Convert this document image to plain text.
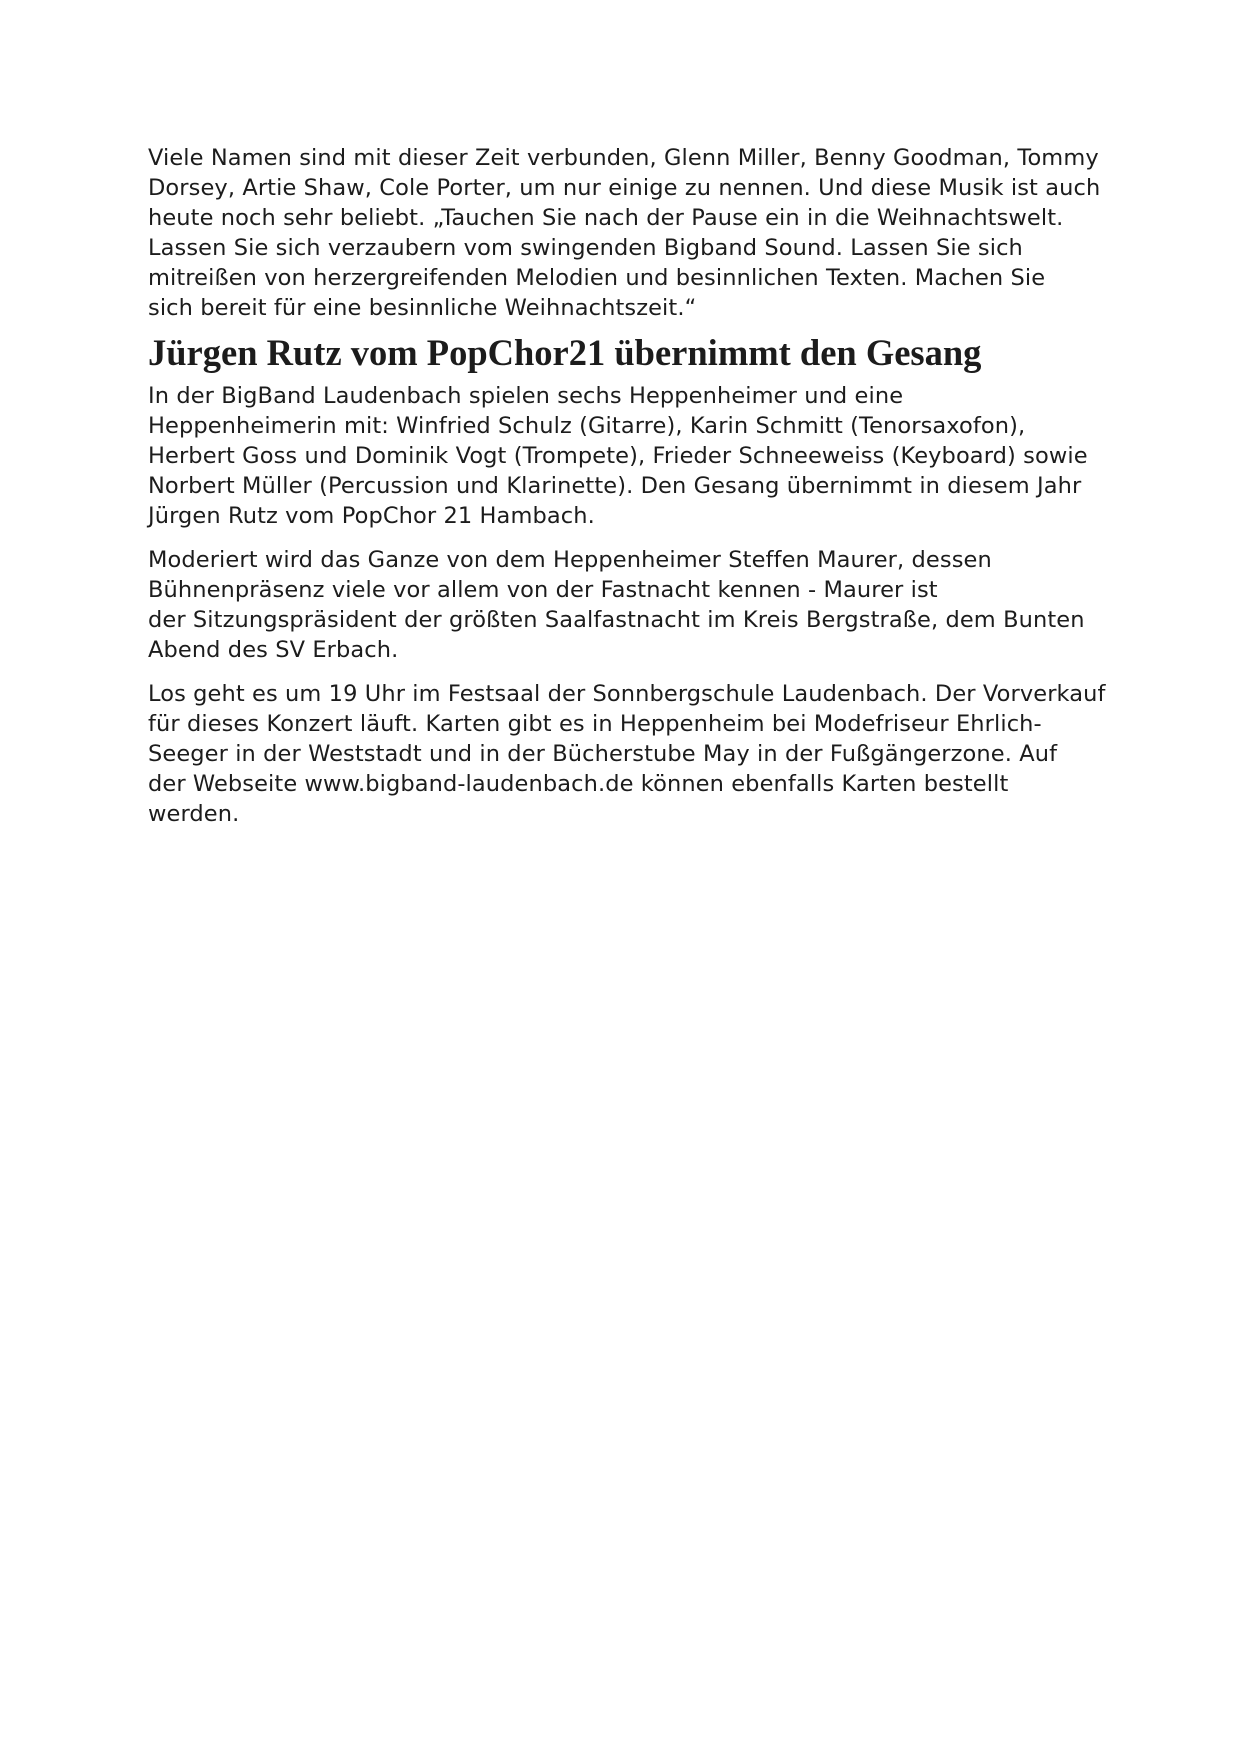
Viele Namen sind mit dieser Zeit verbunden, Glenn Miller, Benny Goodman, Tommy
Dorsey, Artie Shaw, Cole Porter, um nur einige zu nennen. Und diese Musik ist auch
heute noch sehr beliebt. „Tauchen Sie nach der Pause ein in die Weihnachtswelt.
Lassen Sie sich verzaubern vom swingenden Bigband Sound. Lassen Sie sich
mitreißen von herzergreifenden Melodien und besinnlichen Texten. Machen Sie
sich bereit für eine besinnliche Weihnachtszeit.“

Jürgen Rutz vom PopChor21 übernimmt den Gesang

In der BigBand Laudenbach spielen sechs Heppenheimer und eine
Heppenheimerin mit: Winfried Schulz (Gitarre), Karin Schmitt (Tenorsaxofon),
Herbert Goss und Dominik Vogt (Trompete), Frieder Schneeweiss (Keyboard) sowie
Norbert Müller (Percussion und Klarinette). Den Gesang übernimmt in diesem Jahr
Jürgen Rutz vom PopChor 21 Hambach.

Moderiert wird das Ganze von dem Heppenheimer Steffen Maurer, dessen
Bühnenpräsenz viele vor allem von der Fastnacht kennen - Maurer ist
der Sitzungspräsident der größten Saalfastnacht im Kreis Bergstraße, dem Bunten
Abend des SV Erbach.

Los geht es um 19 Uhr im Festsaal der Sonnbergschule Laudenbach. Der Vorverkauf
für dieses Konzert läuft. Karten gibt es in Heppenheim bei Modefriseur Ehrlich-
Seeger in der Weststadt und in der Bücherstube May in der Fußgängerzone. Auf
der Webseite www.bigband-laudenbach.de können ebenfalls Karten bestellt
werden.
